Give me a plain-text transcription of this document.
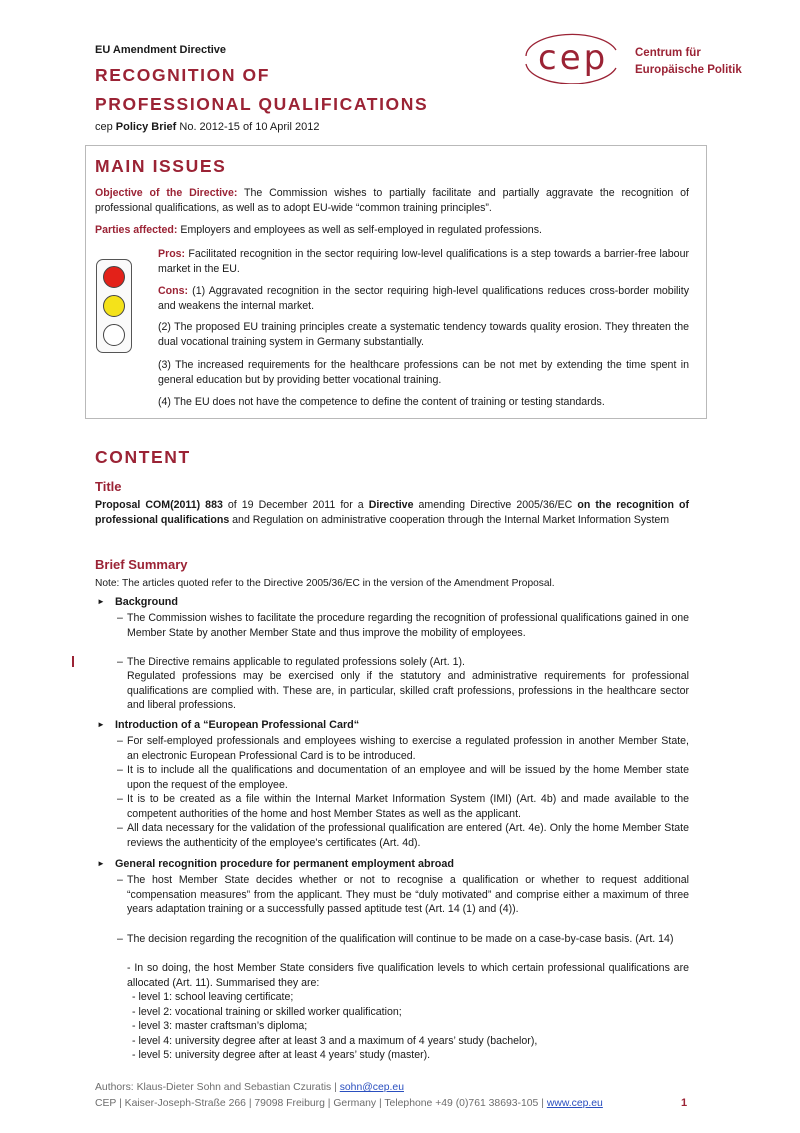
EU Amendment Directive
RECOGNITION OF
PROFESSIONAL QUALIFICATIONS
cep Policy Brief No. 2012-15 of 10 April 2012
cep Centrum für
Europäische Politik
MAIN ISSUES
Objective of the Directive: The Commission wishes to partially facilitate and partially aggravate the recognition of professional qualifications, as well as to adopt EU-wide “common training principles”.
Parties affected: Employers and employees as well as self-employed in regulated professions.
Pros: Facilitated recognition in the sector requiring low-level qualifications is a step towards a barrier-free labour market in the EU.
Cons: (1) Aggravated recognition in the sector requiring high-level qualifications reduces cross-border mobility and weakens the internal market.
(2) The proposed EU training principles create a systematic tendency towards quality erosion. They threaten the dual vocational training system in Germany substantially.
(3) The increased requirements for the healthcare professions can be not met by extending the time spent in general education but by providing better vocational training.
(4) The EU does not have the competence to define the content of training or testing standards.
CONTENT
Title
Proposal COM(2011) 883 of 19 December 2011 for a Directive amending Directive 2005/36/EC on the recognition of professional qualifications and Regulation on administrative cooperation through the Internal Market Information System
Brief Summary
Note: The articles quoted refer to the Directive 2005/36/EC in the version of the Amendment Proposal.
► Background
– The Commission wishes to facilitate the procedure regarding the recognition of professional qualifications gained in one Member State by another Member State and thus improve the mobility of employees.
– The Directive remains applicable to regulated professions solely (Art. 1).
Regulated professions may be exercised only if the statutory and administrative requirements for professional qualifications are complied with. These are, in particular, skilled craft professions, professions in the healthcare sector and liberal professions.
► Introduction of a “European Professional Card“
– For self-employed professionals and employees wishing to exercise a regulated profession in another Member State, an electronic European Professional Card is to be introduced.
– It is to include all the qualifications and documentation of an employee and will be issued by the home Member state upon the request of the employee.
– It is to be created as a file within the Internal Market Information System (IMI) (Art. 4b) and made available to the competent authorities of the home and host Member States as well as the applicant.
– All data necessary for the validation of the professional qualification are entered (Art. 4e). Only the home Member State reviews the authenticity of the employee's certificates (Art. 4d).
► General recognition procedure for permanent employment abroad
– The host Member State decides whether or not to recognise a qualification or whether to request additional “compensation measures” from the applicant. They must be “duly motivated” and comprise either a maximum of three years adaptation training or a successfully passed aptitude test (Art. 14 (1) and (4)).
– The decision regarding the recognition of the qualification will continue to be made on a case-by-case basis. (Art. 14)
- In so doing, the host Member State considers five qualification levels to which certain professional qualifications are allocated (Art. 11). Summarised they are:
- level 1: school leaving certificate;
- level 2: vocational training or skilled worker qualification;
- level 3: master craftsman’s diploma;
- level 4: university degree after at least 3 and a maximum of 4 years’ study (bachelor),
- level 5: university degree after at least 4 years’ study (master).
Authors: Klaus-Dieter Sohn and Sebastian Czuratis | sohn@cep.eu
CEP | Kaiser-Joseph-Straße 266 | 79098 Freiburg | Germany | Telephone +49 (0)761 38693-105 | www.cep.eu	1
